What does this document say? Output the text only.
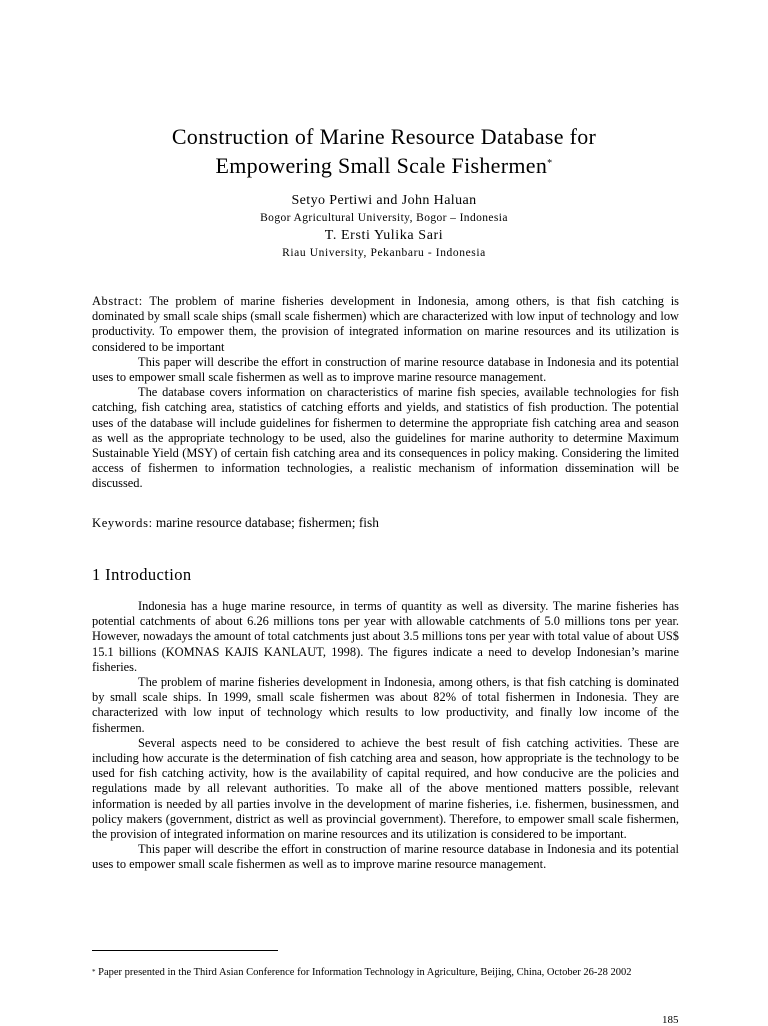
Construction of Marine Resource Database for
Empowering Small Scale Fishermen*
Setyo Pertiwi and John Haluan
Bogor Agricultural University, Bogor – Indonesia
T. Ersti Yulika Sari
Riau University, Pekanbaru - Indonesia

Abstract: The problem of marine fisheries development in Indonesia, among others, is that fish catching is dominated by small scale ships (small scale fishermen) which are characterized with low input of technology and low productivity. To empower them, the provision of integrated information on marine resources and its utilization is considered to be important

This paper will describe the effort in construction of marine resource database in Indonesia and its potential uses to empower small scale fishermen as well as to improve marine resource management.

The database covers information on characteristics of marine fish species, available technologies for fish catching, fish catching area, statistics of catching efforts and yields, and statistics of fish production. The potential uses of the database will include guidelines for fishermen to determine the appropriate fish catching area and season as well as the appropriate technology to be used, also the guidelines for marine authority to determine Maximum Sustainable Yield (MSY) of certain fish catching area and its consequences in policy making. Considering the limited access of fishermen to information technologies, a realistic mechanism of information dissemination will be discussed.

Keywords: marine resource database; fishermen; fish
1 Introduction

Indonesia has a huge marine resource, in terms of quantity as well as diversity. The marine fisheries has potential catchments of about 6.26 millions tons per year with allowable catchments of 5.0 millions tons per year. However, nowadays the amount of total catchments just about 3.5 millions tons per year with total value of about US$ 15.1 billions (KOMNAS KAJIS KANLAUT, 1998). The figures indicate a need to develop Indonesian’s marine fisheries.

The problem of marine fisheries development in Indonesia, among others, is that fish catching is dominated by small scale ships. In 1999, small scale fishermen was about 82% of total fishermen in Indonesia. They are characterized with low input of technology which results to low productivity, and finally low income of the fishermen.

Several aspects need to be considered to achieve the best result of fish catching activities. These are including how accurate is the determination of fish catching area and season, how appropriate is the technology to be used for fish catching activity, how is the availability of capital required, and how conducive are the policies and regulations made by all relevant authorities. To make all of the above mentioned matters possible, relevant information is needed by all parties involve in the development of marine fisheries, i.e. fishermen, businessmen, and policy makers (government, district as well as provincial government). Therefore, to empower small scale fishermen, the provision of integrated information on marine resources and its utilization is considered to be important.

This paper will describe the effort in construction of marine resource database in Indonesia and its potential uses to empower small scale fishermen as well as to improve marine resource management.

* Paper presented in the Third Asian Conference for Information Technology in Agriculture, Beijing, China, October 26-28 2002
185
